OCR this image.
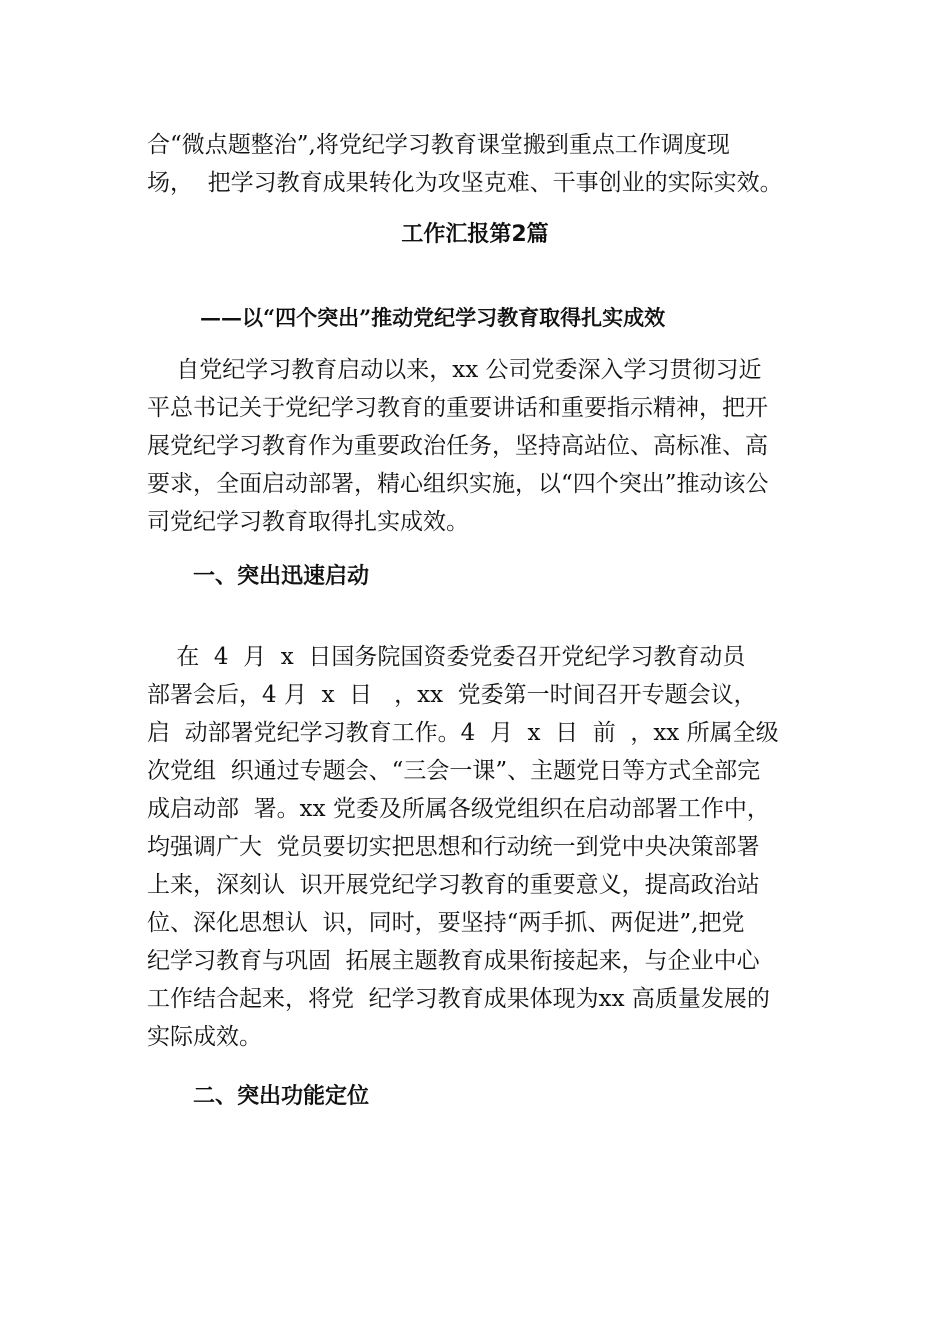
合“微点题整治”,将党纪学习教育课堂搬到重点工作调度现
场，  把学习教育成果转化为攻坚克难、干事创业的实际实效。
工作汇报第2篇
——以“四个突出”推动党纪学习教育取得扎实成效
自党纪学习教育启动以来，xx 公司党委深入学习贯彻习近
平总书记关于党纪学习教育的重要讲话和重要指示精神，把开
展党纪学习教育作为重要政治任务，坚持高站位、高标准、高
要求，全面启动部署，精心组织实施，以“四个突出”推动该公
司党纪学习教育取得扎实成效。
一、突出迅速启动
在  4  月  x  日国务院国资委党委召开党纪学习教育动员
部署会后，4 月  x  日   ，xx  党委第一时间召开专题会议，
启  动部署党纪学习教育工作。4  月  x  日  前  ，xx 所属全级
次党组  织通过专题会、“三会一课”、主题党日等方式全部完
成启动部  署。xx 党委及所属各级党组织在启动部署工作中，
均强调广大  党员要切实把思想和行动统一到党中央决策部署
上来，深刻认  识开展党纪学习教育的重要意义，提高政治站
位、深化思想认  识，同时，要坚持“两手抓、两促进”,把党
纪学习教育与巩固  拓展主题教育成果衔接起来，与企业中心
工作结合起来，将党  纪学习教育成果体现为xx 高质量发展的
实际成效。
二、突出功能定位
